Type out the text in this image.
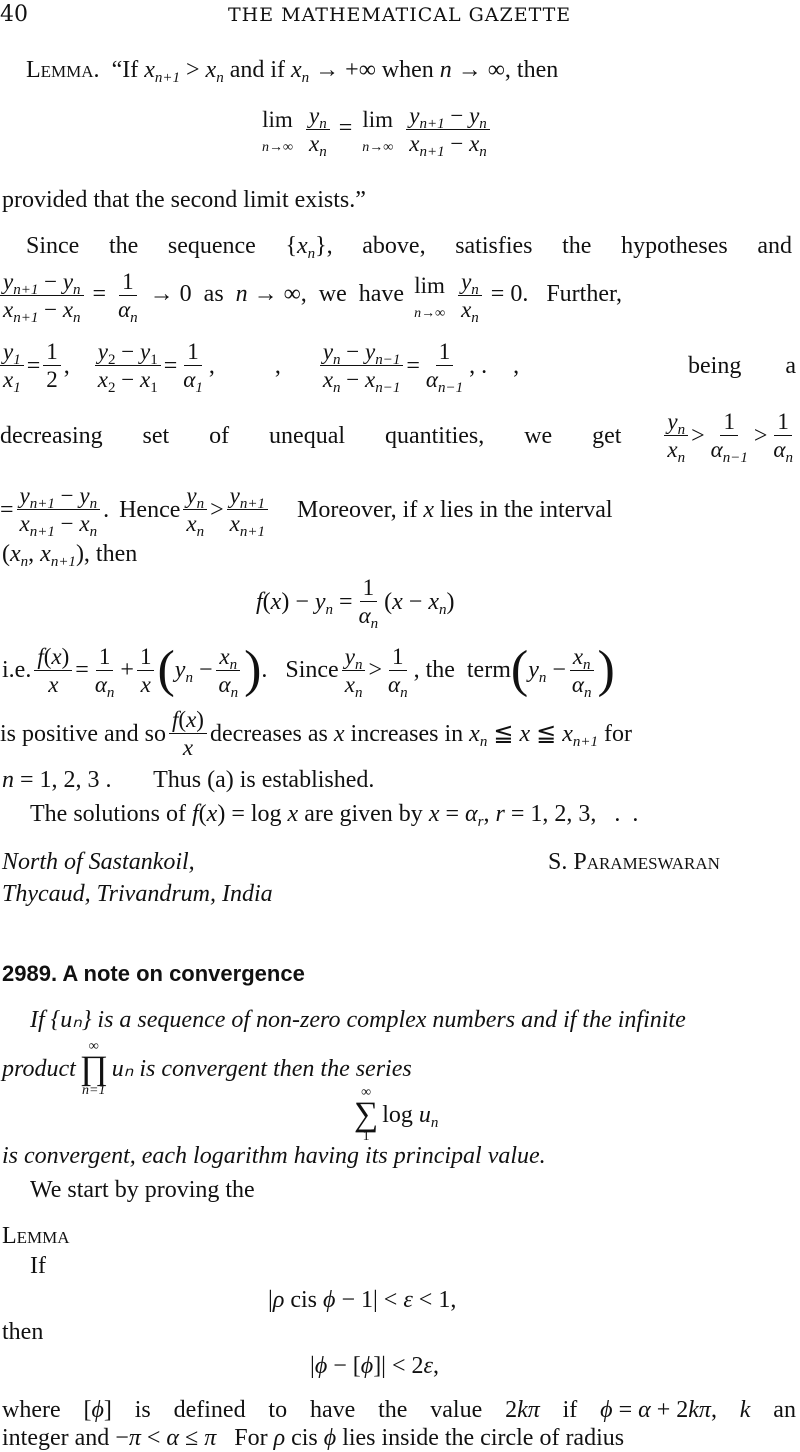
40	THE MATHEMATICAL GAZETTE
Lemma.  “If $x_{n+1} > x_n$ and if $x_n$ → +∞ when n → ∞, then
lim
n→∞
$\frac{y_n}{x_n} = \lim$
n→∞
$\frac{y_{n+1} - y_n}{x_{n+1} - x_n}$
provided that the second limit exists.”
Since the sequence $\{x_n\}$, above, satisfies the hypotheses and
$\frac{y_{n+1} - y_n}{x_{n+1} - x_n} = \frac{1}{\alpha_n} \to 0$  as  n → ∞,  we  have lim
n→∞
$\frac{y_n}{x_n} = 0$.   Further,
$\frac{y_1}{x_1} = \frac{1}{2}$ , $\frac{y_2 - y_1}{x_2 - x_1} = \frac{1}{\alpha_1}$ ,	, $\frac{y_n - y_{n-1}}{x_n - x_{n-1}} = \frac{1}{\alpha_{n-1}}$ , . ,	being a
decreasing set of unequal quantities, we get $\frac{y_n}{x_n} > \frac{1}{\alpha_{n-1}} > \frac{1}{\alpha_n}$
= $\frac{y_{n+1} - y_n}{x_{n+1} - x_n}$ . Hence $\frac{y_n}{x_n} > \frac{y_{n+1}}{x_{n+1}}$ Moreover, if x lies in the interval
($x_n$, $x_{n+1}$), then
$f(x) - y_n = \frac{1}{\alpha_n} (x - x_n)$
i.e. $\frac{f(x)}{x} = \frac{1}{\alpha_n} + \frac{1}{x}$ ( $y_n - \frac{x_n}{\alpha_n}$ ) . Since $\frac{y_n}{x_n} > \frac{1}{\alpha_n}$ , the  term ( $y_n - \frac{x_n}{\alpha_n}$ )
is positive and so $\frac{f(x)}{x}$ decreases as x increases in $x_n$ ≦ x ≦ $x_{n+1}$ for
n = 1, 2, 3 .       Thus (a) is established.
The solutions of f(x) = log x are given by $x = \alpha_r$, r = 1, 2, 3,   .  .
North of Sastankoil,	S. Parameswaran
Thycaud, Trivandrum, India
2989. A note on convergence
If {uₙ} is a sequence of non-zero complex numbers and if the infinite
product
∞
∏
n=1
uₙ is convergent then the series
∞
∑
1
$\log u_n$
is convergent, each logarithm having its principal value.
We start by proving the
Lemma
If
|ρ cis ϕ − 1| < ε < 1,
then
|ϕ − [ϕ]| < 2ε,
where [ϕ] is defined to have the value 2kπ if ϕ = α + 2kπ, k an
integer and −π < α ≤ π   For ρ cis ϕ lies inside the circle of radius
